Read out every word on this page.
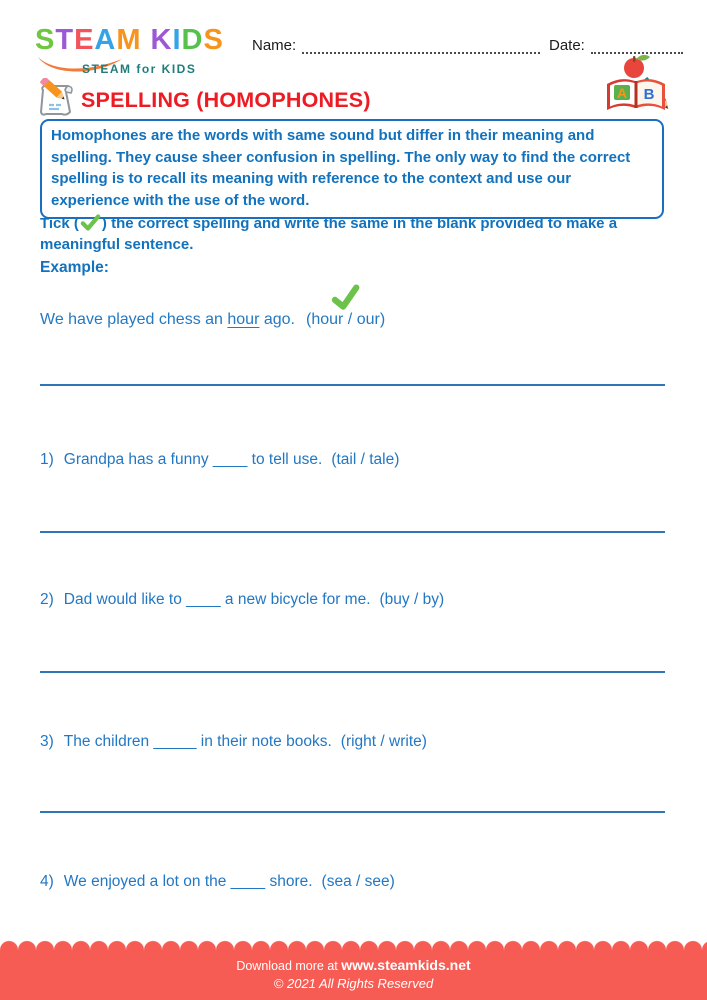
STEAM KIDS
STEAM for KIDS
Name:	Date:
A B
SPELLING (HOMOPHONES)

Homophones are the words with same sound but differ in their meaning and spelling. They cause sheer confusion in spelling. The only way to find the correct spelling is to recall its meaning with reference to the context and use our experience with the use of the word.

Tick ( ) the correct spelling and write the same in the blank provided to make a meaningful sentence.

Example:

We have played chess an hour ago. (hour / our)

1) Grandpa has a funny ____ to tell use. (tail / tale)

2) Dad would like to ____ a new bicycle for me. (buy / by)

3) The children _____ in their note books. (right / write)

4) We enjoyed a lot on the ____ shore. (sea / see)

Download more at www.steamkids.net

© 2021 All Rights Reserved
